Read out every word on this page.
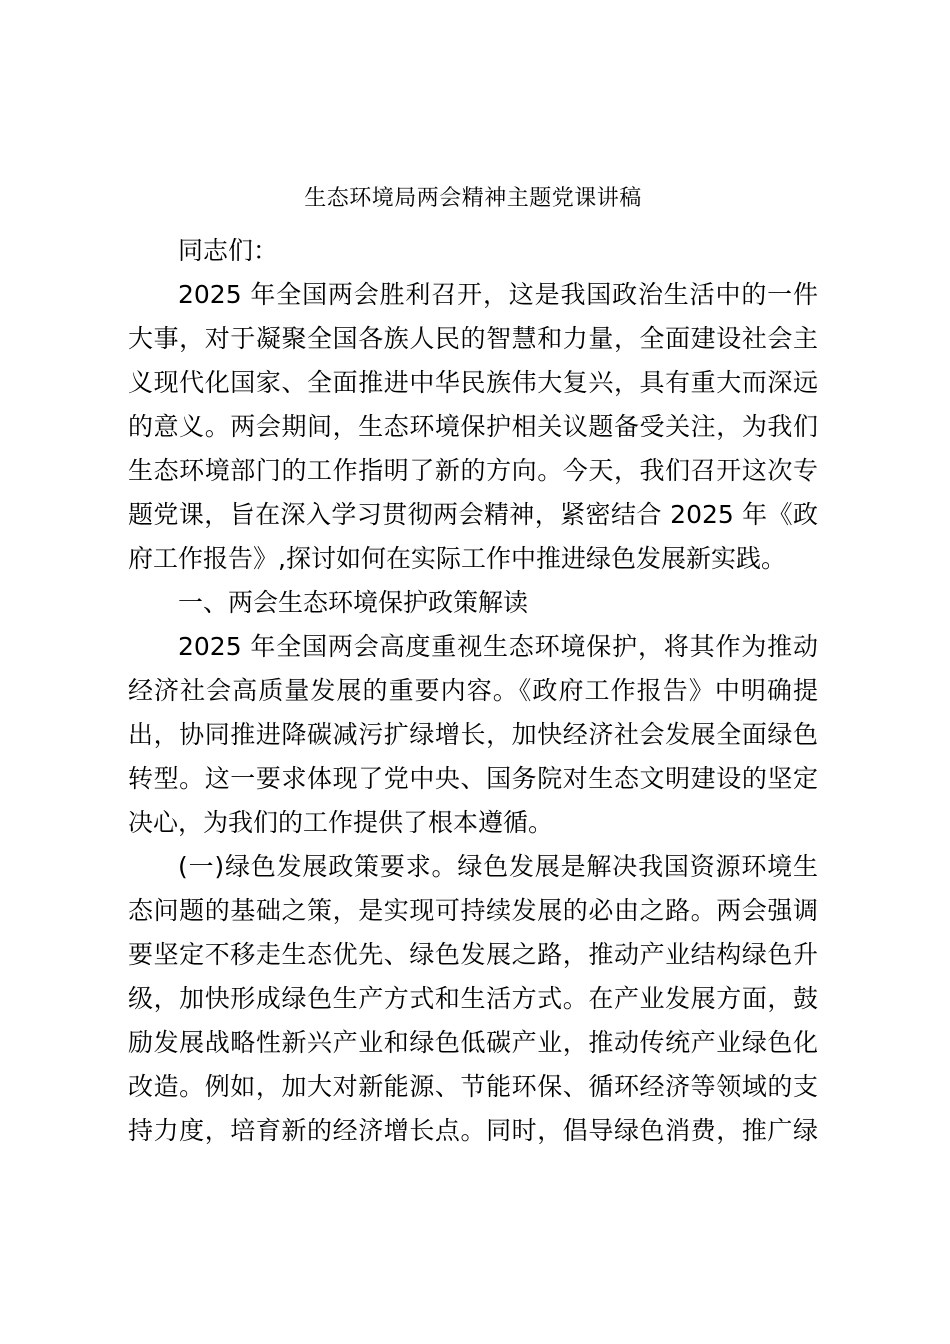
生态环境局两会精神主题党课讲稿
同志们：
2025 年全国两会胜利召开，这是我国政治生活中的一件
大事，对于凝聚全国各族人民的智慧和力量，全面建设社会主
义现代化国家、全面推进中华民族伟大复兴，具有重大而深远
的意义。两会期间，生态环境保护相关议题备受关注，为我们
生态环境部门的工作指明了新的方向。今天，我们召开这次专
题党课，旨在深入学习贯彻两会精神，紧密结合 2025 年《政
府工作报告》,探讨如何在实际工作中推进绿色发展新实践。
一、两会生态环境保护政策解读
2025 年全国两会高度重视生态环境保护，将其作为推动
经济社会高质量发展的重要内容。《政府工作报告》中明确提
出，协同推进降碳减污扩绿增长，加快经济社会发展全面绿色
转型。这一要求体现了党中央、国务院对生态文明建设的坚定
决心，为我们的工作提供了根本遵循。
(一)绿色发展政策要求。绿色发展是解决我国资源环境生
态问题的基础之策，是实现可持续发展的必由之路。两会强调
要坚定不移走生态优先、绿色发展之路，推动产业结构绿色升
级，加快形成绿色生产方式和生活方式。在产业发展方面，鼓
励发展战略性新兴产业和绿色低碳产业，推动传统产业绿色化
改造。例如，加大对新能源、节能环保、循环经济等领域的支
持力度，培育新的经济增长点。同时，倡导绿色消费，推广绿
